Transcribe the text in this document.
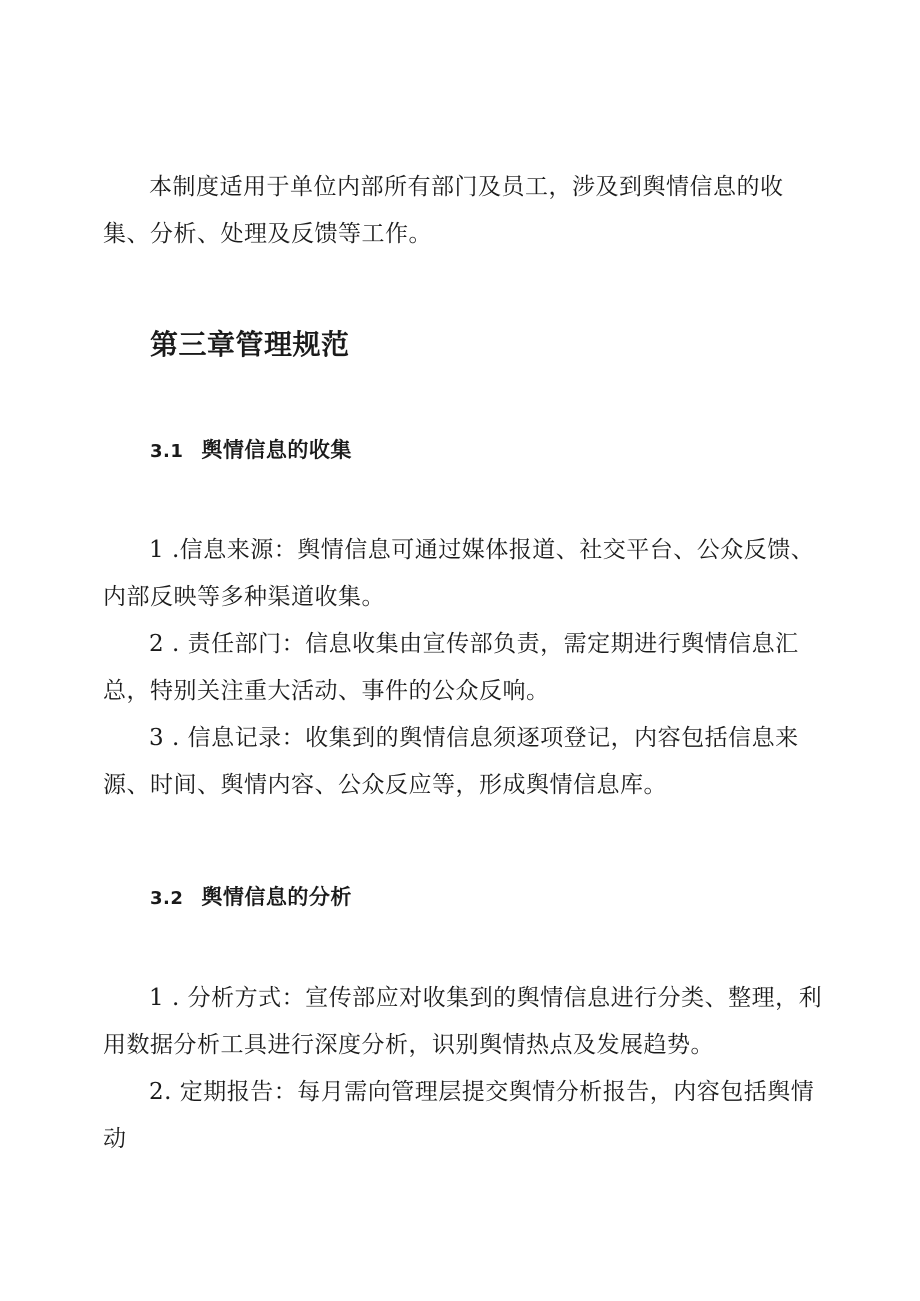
本制度适用于单位内部所有部门及员工，涉及到舆情信息的收集、分析、处理及反馈等工作。

第三章管理规范
3.1 舆情信息的收集

1 .信息来源：舆情信息可通过媒体报道、社交平台、公众反馈、内部反映等多种渠道收集。

2 . 责任部门：信息收集由宣传部负责，需定期进行舆情信息汇总，特别关注重大活动、事件的公众反响。

3 . 信息记录：收集到的舆情信息须逐项登记，内容包括信息来源、时间、舆情内容、公众反应等，形成舆情信息库。

3.2 舆情信息的分析

1 . 分析方式：宣传部应对收集到的舆情信息进行分类、整理，利用数据分析工具进行深度分析，识别舆情热点及发展趋势。

2. 定期报告：每月需向管理层提交舆情分析报告，内容包括舆情动
